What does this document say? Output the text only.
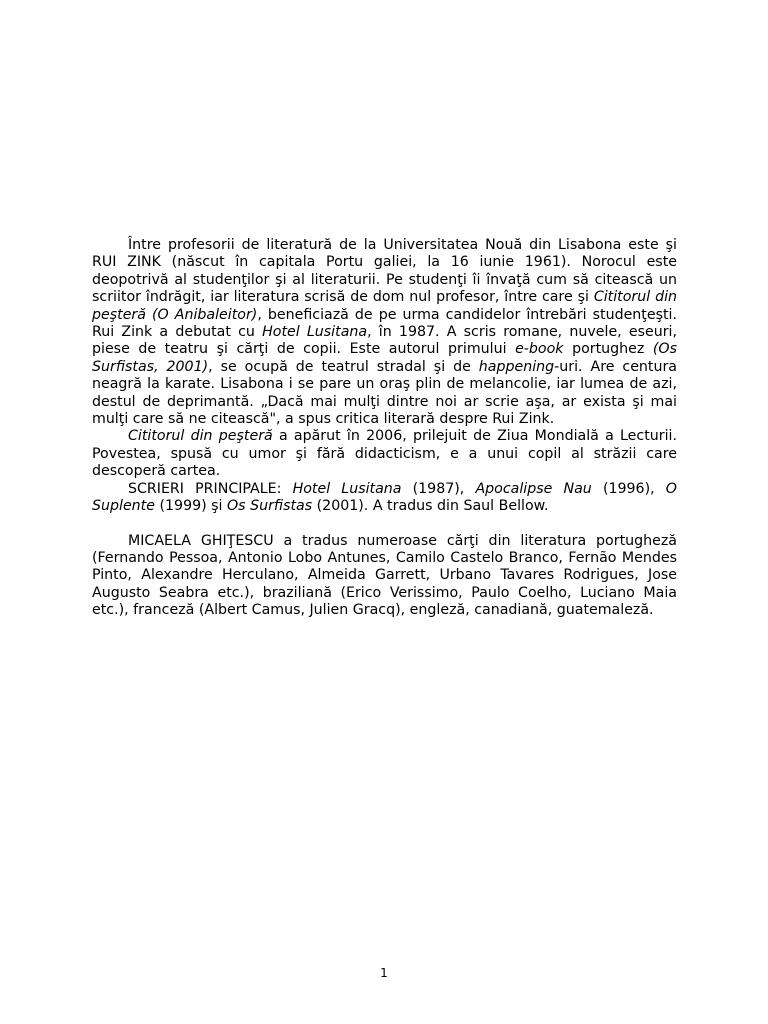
Între profesorii de literatură de la Universitatea Nouă din Lisabona este şi RUI ZINK (născut în capitala Portu galiei, la 16 iunie 1961). Norocul este deopotrivă al studenţilor şi al literaturii. Pe studenţi îi învaţă cum să citească un scriitor îndrăgit, iar literatura scrisă de dom nul profesor, între care şi Cititorul din peşteră (O Anibaleitor), beneficiază de pe urma candidelor întrebări studenţeşti. Rui Zink a debutat cu Hotel Lusitana, în 1987. A scris romane, nuvele, eseuri, piese de teatru şi cărţi de copii. Este autorul primului e-book portughez (Os Surfistas, 2001), se ocupă de teatrul stradal şi de happening-uri. Are centura neagră la karate. Lisabona i se pare un oraş plin de melancolie, iar lumea de azi, destul de deprimantă. „Dacă mai mulţi dintre noi ar scrie aşa, ar exista şi mai mulţi care să ne citească", a spus critica literară despre Rui Zink.

Cititorul din peşteră a apărut în 2006, prilejuit de Ziua Mondială a Lecturii. Povestea, spusă cu umor şi fără didacticism, e a unui copil al străzii care descoperă cartea.

SCRIERI PRINCIPALE: Hotel Lusitana (1987), Apocalipse Nau (1996), O Suplente (1999) şi Os Surfistas (2001). A tradus din Saul Bellow.

MICAELA GHIŢESCU a tradus numeroase cărţi din literatura portugheză (Fernando Pessoa, Antonio Lobo Antunes, Camilo Castelo Branco, Fernão Mendes Pinto, Alexandre Herculano, Almeida Garrett, Urbano Tavares Rodrigues, Jose Augusto Seabra etc.), braziliană (Erico Verissimo, Paulo Coelho, Luciano Maia etc.), franceză (Albert Camus, Julien Gracq), engleză, canadiană, guatemaleză.

1
